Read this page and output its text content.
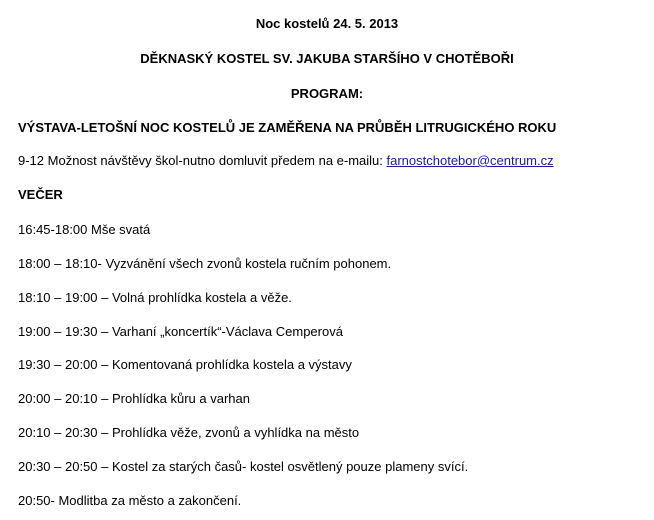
Noc kostelů 24. 5. 2013
DĚKNASKÝ KOSTEL SV. JAKUBA STARŠÍHO V CHOTĚBOŘI
PROGRAM:
VÝSTAVA-LETOŠNÍ NOC KOSTELŮ JE ZAMĚŘENA NA PRŮBĚH LITRUGICKÉHO ROKU
9-12 Možnost návštěvy škol-nutno domluvit předem na e-mailu: farnostchotebor@centrum.cz
VEČER
16:45-18:00 Mše svatá
18:00 – 18:10- Vyzvánění všech zvonů kostela ručním pohonem.
18:10 – 19:00 – Volná prohlídka kostela a věže.
19:00 – 19:30 – Varhaní „koncertík“-Václava Cemperová
19:30 – 20:00 – Komentovaná prohlídka kostela a výstavy
20:00 – 20:10 – Prohlídka kůru a varhan
20:10 – 20:30 – Prohlídka věže, zvonů a vyhlídka na město
20:30 – 20:50 – Kostel za starých časů- kostel osvětlený pouze plameny svící.
20:50- Modlitba za město a zakončení.
